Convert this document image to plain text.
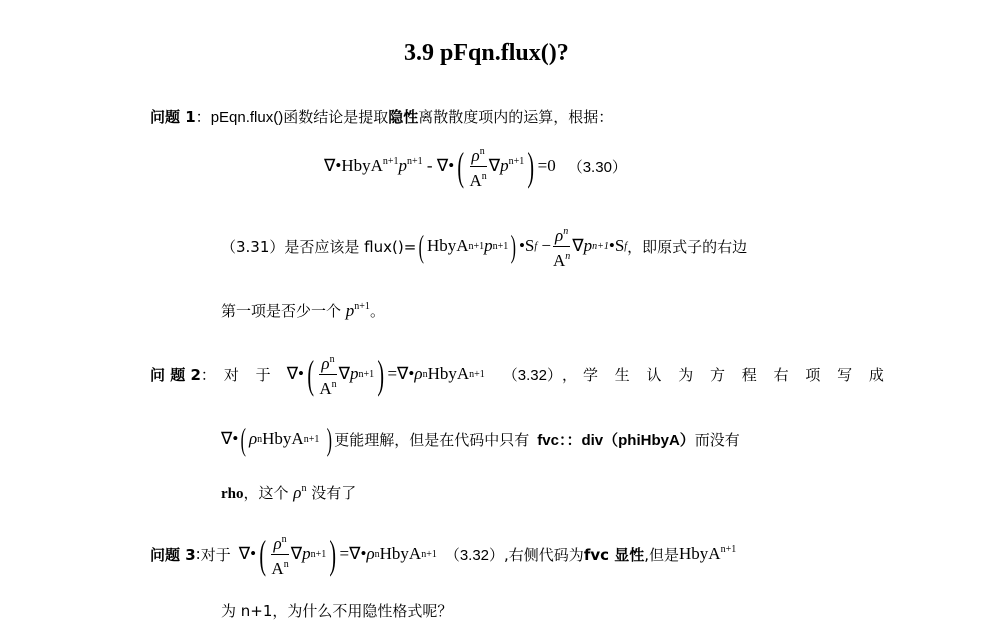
3.9 pFqn.flux()?
问题 1：pEqn.flux()函数结论是提取隐性离散散度项内的运算，根据：
$\nabla•HbyA^{n+1}p^{n+1}$ - ∇• ( $\frac{\rho^n}{A^n} \nabla p^{n+1}$ ) =0 （3.30）
（3.31）是否应该是 flux()= ( HbyA n+1 p n+1 ) •S $f - \frac{\rho^n}{A^n}$ ∇ p n+1 •S f ，即原式子的右边
第一项是否少一个 $p^{n+1}$。
问 题 2 ： 对 于 ∇• ( $\frac{\rho^n}{A^n}$ ∇ p n+1 ) =∇• ρ n HbyA n+1 （3.32） ，学 生 认 为 方 程 右 项 写 成
∇• ( ρ n HbyA n+1
) 更能理解，但是在代码中只有 fvc：：div（phiHbyA） 而没有
rho，这个 $\rho^n$ 没有了
问题 3 : 对于 ∇• ( $\frac{\rho^n}{A^n}$ ∇ p n+1 ) =∇• ρ n HbyA n+1 （3.32） ,右侧代码为 fvc 显性 ,但是 HbyA$^{n+1}$
为 n+1，为什么不用隐性格式呢？
